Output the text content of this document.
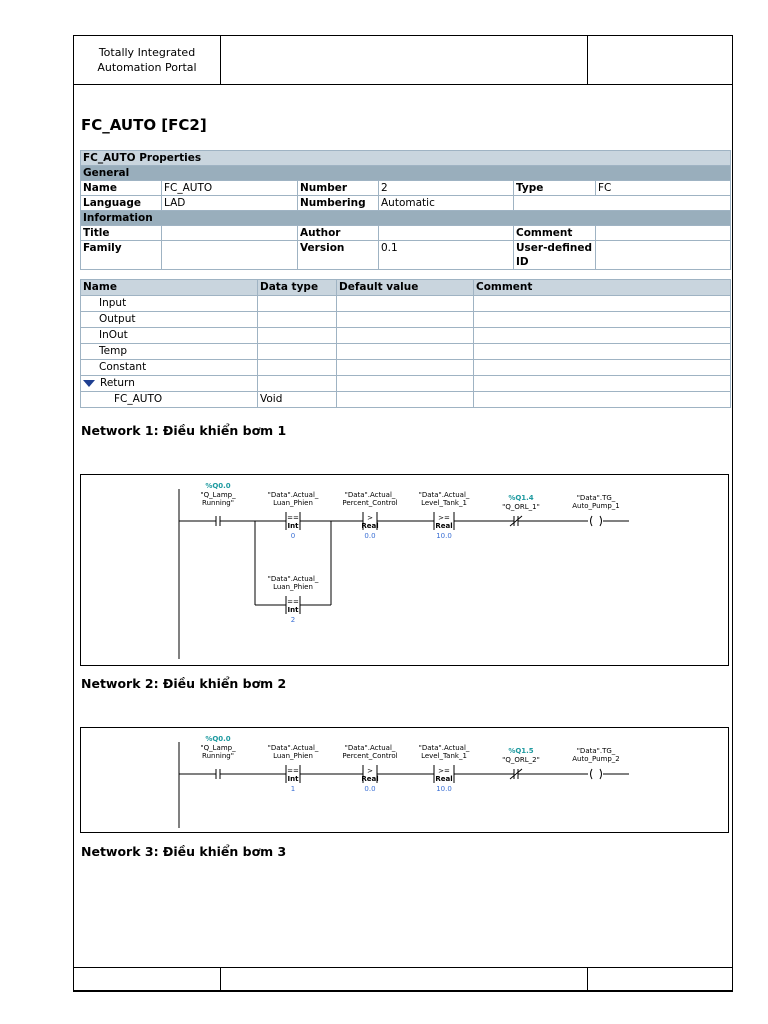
Totally Integrated
Automation Portal
FC_AUTO [FC2]
FC_AUTO Properties					
General					
Name	FC_AUTO	Number	2	Type	FC
Language	LAD	Numbering	Automatic		
Information					
Title		Author		Comment	
Family		Version	0.1	User-defined ID	
Name	Data type	Default value	Comment
Input			
Output			
InOut			
Temp			
Constant			
Return			
FC_AUTO	Void		
Network 1: Điều khiển bơm 1
%Q0.0
"Q_Lamp_
Running"
"Data".Actual_
Luan_Phien
==
Int
0
"Data".Actual_
Percent_Control
>
Real
0.0
"Data".Actual_
Level_Tank_1
>=
Real
10.0
%Q1.4
"Q_ORL_1"
"Data".TG_
Auto_Pump_1
"Data".Actual_
Luan_Phien
==
Int
2
Network 2: Điều khiển bơm 2
%Q0.0
"Q_Lamp_
Running"
"Data".Actual_
Luan_Phien
==
Int
1
"Data".Actual_
Percent_Control
>
Real
0.0
"Data".Actual_
Level_Tank_1
>=
Real
10.0
%Q1.5
"Q_ORL_2"
"Data".TG_
Auto_Pump_2
Network 3: Điều khiển bơm 3
